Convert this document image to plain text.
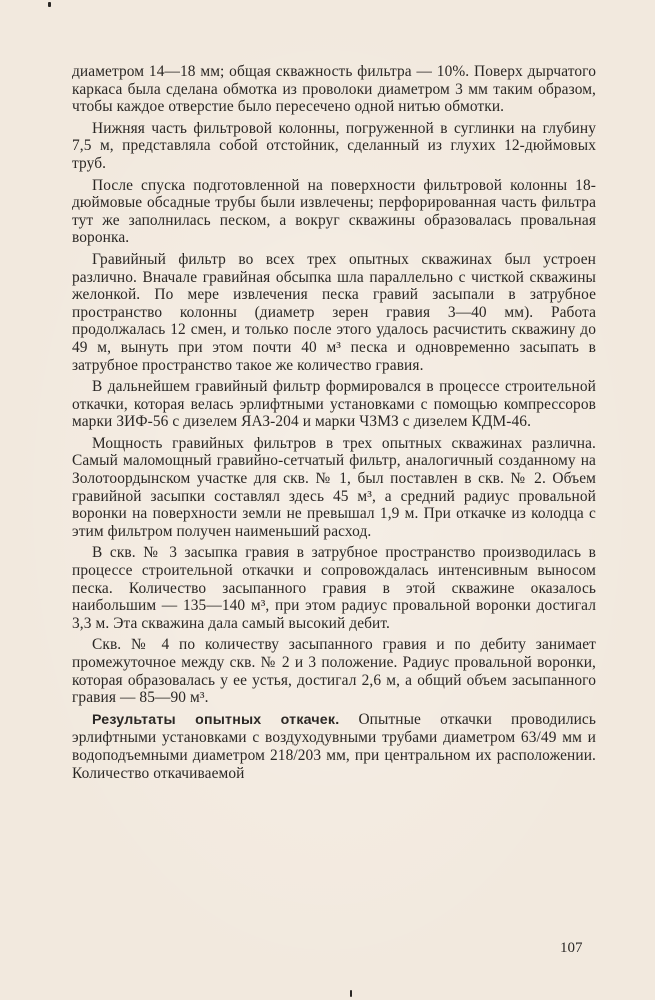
диаметром 14—18 мм; общая скважность фильтра — 10%. Поверх дырчатого каркаса была сделана обмотка из проволоки диаметром 3 мм таким образом, чтобы каждое отверстие было пересечено одной нитью обмотки.

Нижняя часть фильтровой колонны, погруженной в суглинки на глубину 7,5 м, представляла собой отстойник, сделанный из глухих 12-дюймовых труб.

После спуска подготовленной на поверхности фильтровой колонны 18-дюймовые обсадные трубы были извлечены; перфорированная часть фильтра тут же заполнилась песком, а вокруг скважины образовалась провальная воронка.

Гравийный фильтр во всех трех опытных скважинах был устроен различно. Вначале гравийная обсыпка шла параллельно с чисткой скважины желонкой. По мере извлечения песка гравий засыпали в затрубное пространство колонны (диаметр зерен гравия 3—40 мм). Работа продолжалась 12 смен, и только после этого удалось расчистить скважину до 49 м, вынуть при этом почти 40 м³ песка и одновременно засыпать в затрубное пространство такое же количество гравия.

В дальнейшем гравийный фильтр формировался в процессе строительной откачки, которая велась эрлифтными установками с помощью компрессоров марки ЗИФ-56 с дизелем ЯАЗ-204 и марки ЧЗМЗ с дизелем КДМ-46.

Мощность гравийных фильтров в трех опытных скважинах различна. Самый маломощный гравийно-сетчатый фильтр, аналогичный созданному на Золотоордынском участке для скв. № 1, был поставлен в скв. № 2. Объем гравийной засыпки составлял здесь 45 м³, а средний радиус провальной воронки на поверхности земли не превышал 1,9 м. При откачке из колодца с этим фильтром получен наименьший расход.

В скв. № 3 засыпка гравия в затрубное пространство производилась в процессе строительной откачки и сопровождалась интенсивным выносом песка. Количество засыпанного гравия в этой скважине оказалось наибольшим — 135—140 м³, при этом радиус провальной воронки достигал 3,3 м. Эта скважина дала самый высокий дебит.

Скв. № 4 по количеству засыпанного гравия и по дебиту занимает промежуточное между скв. № 2 и 3 положение. Радиус провальной воронки, которая образовалась у ее устья, достигал 2,6 м, а общий объем засыпанного гравия — 85—90 м³.

Результаты опытных откачек. Опытные откачки проводились эрлифтными установками с воздуходувными трубами диаметром 63/49 мм и водоподъемными диаметром 218/203 мм, при центральном их расположении. Количество откачиваемой

107
